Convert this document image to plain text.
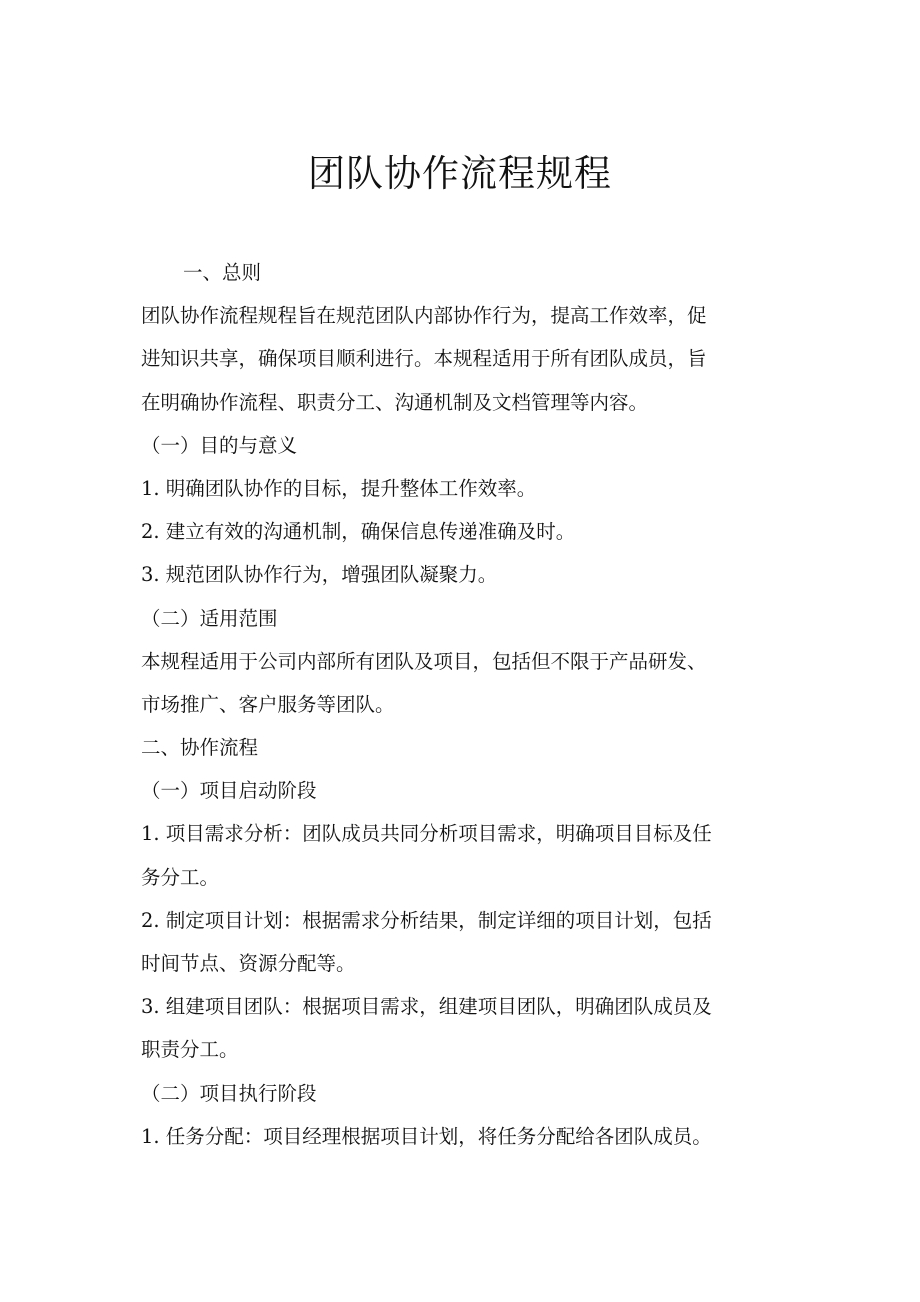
团队协作流程规程
一、总则
团队协作流程规程旨在规范团队内部协作行为，提高工作效率，促
进知识共享，确保项目顺利进行。本规程适用于所有团队成员，旨
在明确协作流程、职责分工、沟通机制及文档管理等内容。
（一）目的与意义
1. 明确团队协作的目标，提升整体工作效率。
2. 建立有效的沟通机制，确保信息传递准确及时。
3. 规范团队协作行为，增强团队凝聚力。
（二）适用范围
本规程适用于公司内部所有团队及项目，包括但不限于产品研发、
市场推广、客户服务等团队。
二、协作流程
（一）项目启动阶段
1. 项目需求分析：团队成员共同分析项目需求，明确项目目标及任
务分工。
2. 制定项目计划：根据需求分析结果，制定详细的项目计划，包括
时间节点、资源分配等。
3. 组建项目团队：根据项目需求，组建项目团队，明确团队成员及
职责分工。
（二）项目执行阶段
1. 任务分配：项目经理根据项目计划，将任务分配给各团队成员。
